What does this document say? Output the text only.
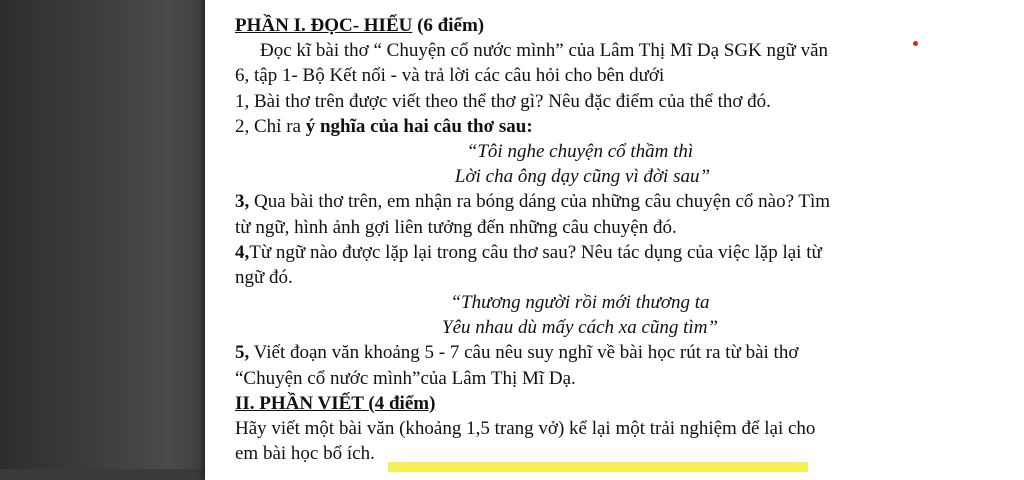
PHẦN I. ĐỌC- HIỂU (6 điểm)
Đọc kĩ bài thơ “ Chuyện cổ nước mình” của Lâm Thị Mĩ Dạ SGK ngữ văn
6, tập 1- Bộ Kết nối - và trả lời các câu hỏi cho bên dưới
1, Bài thơ trên được viết theo thể thơ gì? Nêu đặc điểm của thể thơ đó.
2, Chỉ ra ý nghĩa của hai câu thơ sau:
“Tôi nghe chuyện cổ thầm thì
Lời cha ông dạy cũng vì đời sau”
3, Qua bài thơ trên, em nhận ra bóng dáng của những câu chuyện cổ nào? Tìm
từ ngữ, hình ảnh gợi liên tưởng đến những câu chuyện đó.
4,Từ ngữ nào được lặp lại trong câu thơ sau? Nêu tác dụng của việc lặp lại từ
ngữ đó.
“Thương người rồi mới thương ta
Yêu nhau dù mấy cách xa cũng tìm”
5, Viết đoạn văn khoảng 5 - 7 câu nêu suy nghĩ về bài học rút ra từ bài thơ
“Chuyện cổ nước mình”của Lâm Thị Mĩ Dạ.
II. PHẦN VIẾT (4 điểm)
Hãy viết một bài văn (khoảng 1,5 trang vở) kể lại một trải nghiệm để lại cho
em bài học bổ ích.
